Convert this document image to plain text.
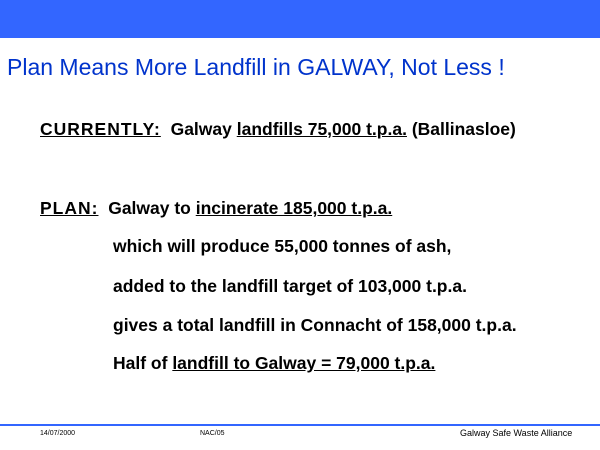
Plan Means More Landfill in GALWAY, Not Less !
CURRENTLY: Galway landfills 75,000 t.p.a. (Ballinasloe)
PLAN: Galway to incinerate 185,000 t.p.a.
which will produce 55,000 tonnes of ash,
added to the landfill target of 103,000 t.p.a.
gives a total landfill in Connacht of 158,000 t.p.a.
Half of landfill to Galway = 79,000 t.p.a.
14/07/2000	NAC/05	Galway Safe Waste Alliance
